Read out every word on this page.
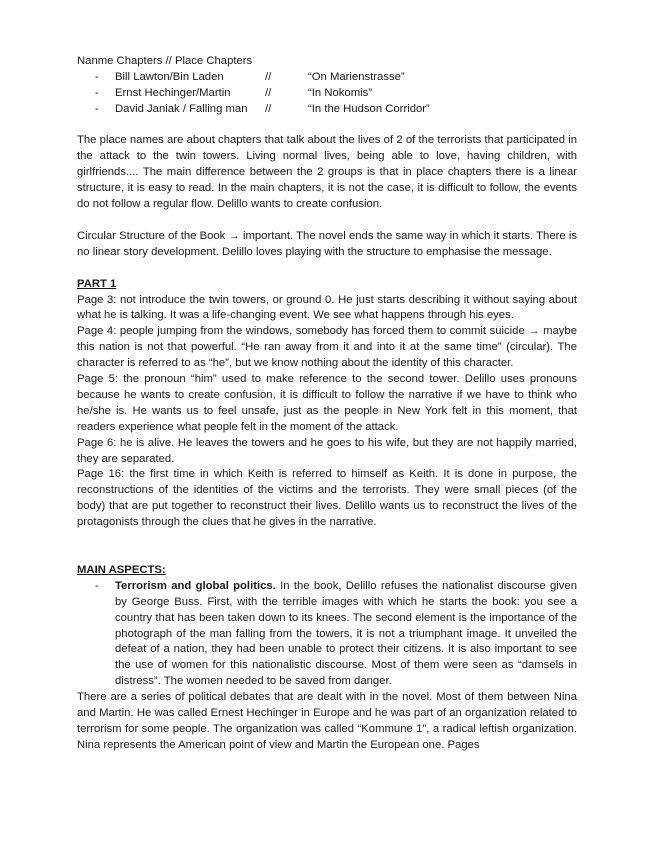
Nanme Chapters // Place Chapters
-	Bill Lawton/Bin Laden	//	“On Marienstrasse”
-	Ernst Hechinger/Martin	//	“In Nokomis”
-	David Janiak / Falling man	//	“In the Hudson Corridor”

The place names are about chapters that talk about the lives of 2 of the terrorists that participated in the attack to the twin towers. Living normal lives, being able to love, having children, with girlfriends.... The main difference between the 2 groups is that in place chapters there is a linear structure, it is easy to read. In the main chapters, it is not the case, it is difficult to follow, the events do not follow a regular flow. Delillo wants to create confusion.

Circular Structure of the Book → important. The novel ends the same way in which it starts. There is no linear story development. Delillo loves playing with the structure to emphasise the message.

PART 1

Page 3: not introduce the twin towers, or ground 0. He just starts describing it without saying about what he is talking. It was a life-changing event. We see what happens through his eyes.

Page 4: people jumping from the windows, somebody has forced them to commit suicide → maybe this nation is not that powerful. “He ran away from it and into it at the same time” (circular). The character is referred to as “he”, but we know nothing about the identity of this character.

Page 5: the pronoun “him” used to make reference to the second tower. Delillo uses pronouns because he wants to create confusion, it is difficult to follow the narrative if we have to think who he/she is. He wants us to feel unsafe, just as the people in New York felt in this moment, that readers experience what people felt in the moment of the attack.

Page 6: he is alive. He leaves the towers and he goes to his wife, but they are not happily married, they are separated.

Page 16: the first time in which Keith is referred to himself as Keith. It is done in purpose, the reconstructions of the identities of the victims and the terrorists. They were small pieces (of the body) that are put together to reconstruct their lives. Delillo wants us to reconstruct the lives of the protagonists through the clues that he gives in the narrative.

MAIN ASPECTS:
-	Terrorism and global politics. In the book, Delillo refuses the nationalist discourse given by George Buss. First, with the terrible images with which he starts the book: you see a country that has been taken down to its knees. The second element is the importance of the photograph of the man falling from the towers, it is not a triumphant image. It unveiled the defeat of a nation, they had been unable to protect their citizens. It is also important to see the use of women for this nationalistic discourse. Most of them were seen as “damsels in distress”. The women needed to be saved from danger.

There are a series of political debates that are dealt with in the novel. Most of them between Nina and Martin. He was called Ernest Hechinger in Europe and he was part of an organization related to terrorism for some people. The organization was called “Kommune 1”, a radical leftish organization. Nina represents the American point of view and Martin the European one. Pages
